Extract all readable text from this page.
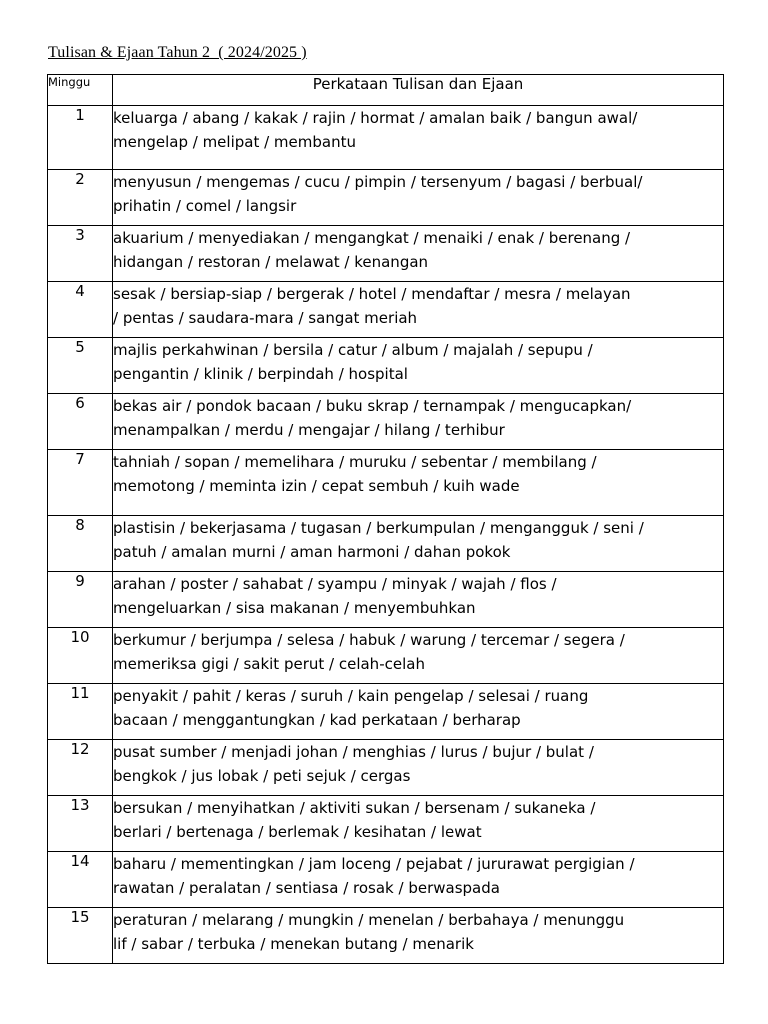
Tulisan & Ejaan Tahun 2  ( 2024/2025 )
Minggu	Perkataan Tulisan dan Ejaan
1	keluarga / abang / kakak / rajin / hormat / amalan baik / bangun awal/
mengelap / melipat / membantu
2	menyusun / mengemas / cucu / pimpin / tersenyum / bagasi / berbual/
prihatin / comel / langsir
3	akuarium / menyediakan / mengangkat / menaiki / enak / berenang /
hidangan / restoran / melawat / kenangan
4	sesak / bersiap-siap / bergerak / hotel / mendaftar / mesra / melayan
/ pentas / saudara-mara / sangat meriah
5	majlis perkahwinan / bersila / catur / album / majalah / sepupu /
pengantin / klinik / berpindah / hospital
6	bekas air / pondok bacaan / buku skrap / ternampak / mengucapkan/
menampalkan / merdu / mengajar / hilang / terhibur
7	tahniah / sopan / memelihara / muruku / sebentar / membilang /
memotong / meminta izin / cepat sembuh / kuih wade
8	plastisin / bekerjasama / tugasan / berkumpulan / mengangguk / seni /
patuh / amalan murni / aman harmoni / dahan pokok
9	arahan / poster / sahabat / syampu / minyak / wajah / flos /
mengeluarkan / sisa makanan / menyembuhkan
10	berkumur / berjumpa / selesa / habuk / warung / tercemar / segera /
memeriksa gigi / sakit perut / celah-celah
11	penyakit / pahit / keras / suruh / kain pengelap / selesai / ruang
bacaan / menggantungkan / kad perkataan / berharap
12	pusat sumber / menjadi johan / menghias / lurus / bujur / bulat /
bengkok / jus lobak / peti sejuk / cergas
13	bersukan / menyihatkan / aktiviti sukan / bersenam / sukaneka /
berlari / bertenaga / berlemak / kesihatan / lewat
14	baharu / mementingkan / jam loceng / pejabat / jururawat pergigian /
rawatan / peralatan / sentiasa / rosak / berwaspada
15	peraturan / melarang / mungkin / menelan / berbahaya / menunggu
lif / sabar / terbuka / menekan butang / menarik
